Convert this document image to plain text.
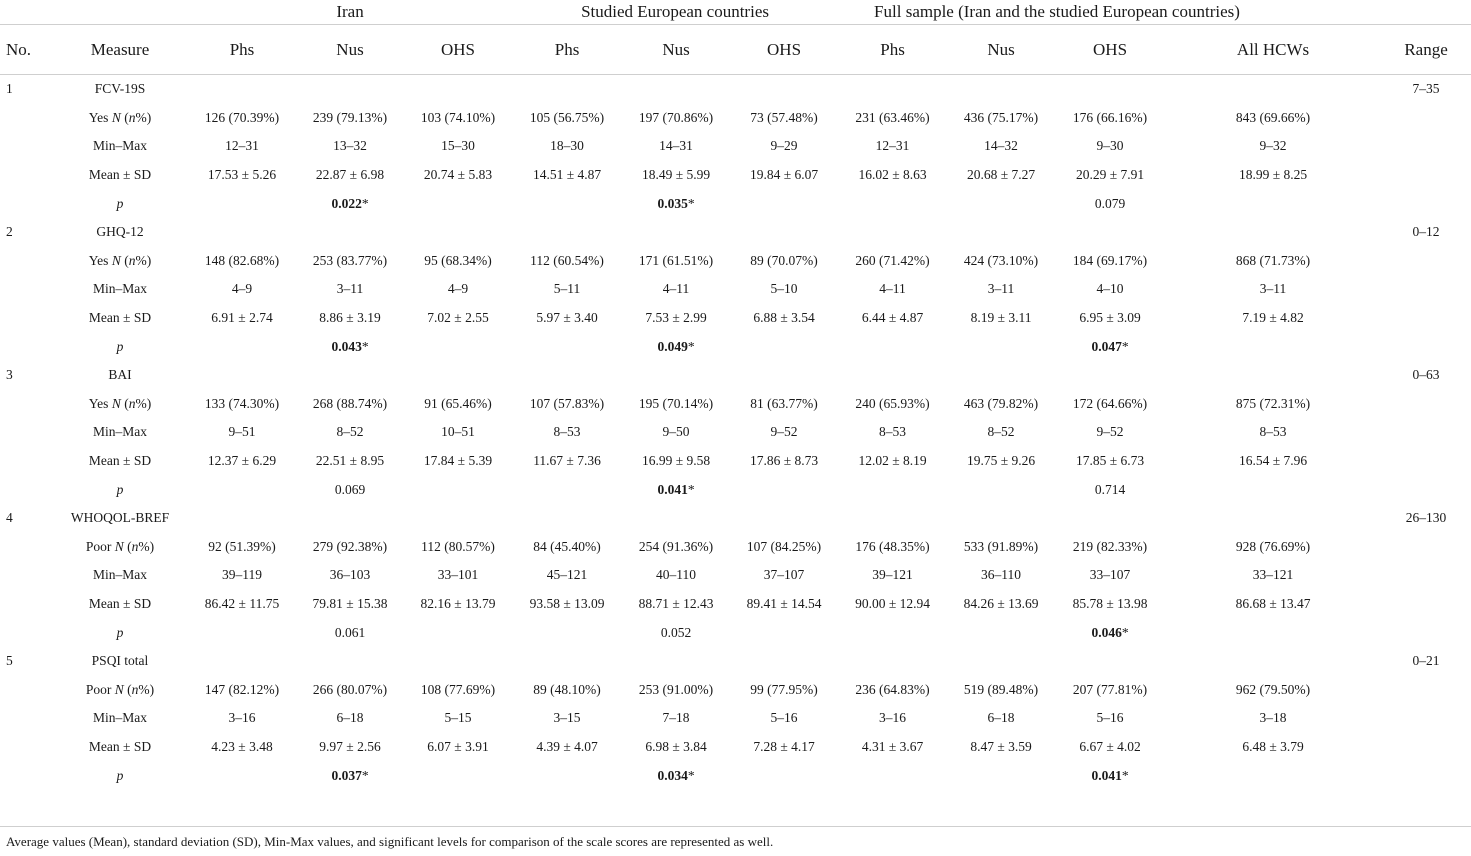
		Iran			Studied European countries			Full sample (Iran and the studied European countries)				
No.	Measure	Phs	Nus	OHS	Phs	Nus	OHS	Phs	Nus	OHS	All HCWs	Range
1	FCV-19S											7–35
	Yes N (n%)	126 (70.39%)	239 (79.13%)	103 (74.10%)	105 (56.75%)	197 (70.86%)	73 (57.48%)	231 (63.46%)	436 (75.17%)	176 (66.16%)	843 (69.66%)	
	Min–Max	12–31	13–32	15–30	18–30	14–31	9–29	12–31	14–32	9–30	9–32	
	Mean ± SD	17.53 ± 5.26	22.87 ± 6.98	20.74 ± 5.83	14.51 ± 4.87	18.49 ± 5.99	19.84 ± 6.07	16.02 ± 8.63	20.68 ± 7.27	20.29 ± 7.91	18.99 ± 8.25	
	p		0.022*			0.035*				0.079		
2	GHQ-12											0–12
	Yes N (n%)	148 (82.68%)	253 (83.77%)	95 (68.34%)	112 (60.54%)	171 (61.51%)	89 (70.07%)	260 (71.42%)	424 (73.10%)	184 (69.17%)	868 (71.73%)	
	Min–Max	4–9	3–11	4–9	5–11	4–11	5–10	4–11	3–11	4–10	3–11	
	Mean ± SD	6.91 ± 2.74	8.86 ± 3.19	7.02 ± 2.55	5.97 ± 3.40	7.53 ± 2.99	6.88 ± 3.54	6.44 ± 4.87	8.19 ± 3.11	6.95 ± 3.09	7.19 ± 4.82	
	p		0.043*			0.049*				0.047*		
3	BAI											0–63
	Yes N (n%)	133 (74.30%)	268 (88.74%)	91 (65.46%)	107 (57.83%)	195 (70.14%)	81 (63.77%)	240 (65.93%)	463 (79.82%)	172 (64.66%)	875 (72.31%)	
	Min–Max	9–51	8–52	10–51	8–53	9–50	9–52	8–53	8–52	9–52	8–53	
	Mean ± SD	12.37 ± 6.29	22.51 ± 8.95	17.84 ± 5.39	11.67 ± 7.36	16.99 ± 9.58	17.86 ± 8.73	12.02 ± 8.19	19.75 ± 9.26	17.85 ± 6.73	16.54 ± 7.96	
	p		0.069			0.041*				0.714		
4	WHOQOL-BREF											26–130
	Poor N (n%)	92 (51.39%)	279 (92.38%)	112 (80.57%)	84 (45.40%)	254 (91.36%)	107 (84.25%)	176 (48.35%)	533 (91.89%)	219 (82.33%)	928 (76.69%)	
	Min–Max	39–119	36–103	33–101	45–121	40–110	37–107	39–121	36–110	33–107	33–121	
	Mean ± SD	86.42 ± 11.75	79.81 ± 15.38	82.16 ± 13.79	93.58 ± 13.09	88.71 ± 12.43	89.41 ± 14.54	90.00 ± 12.94	84.26 ± 13.69	85.78 ± 13.98	86.68 ± 13.47	
	p		0.061			0.052				0.046*		
5	PSQI total											0–21
	Poor N (n%)	147 (82.12%)	266 (80.07%)	108 (77.69%)	89 (48.10%)	253 (91.00%)	99 (77.95%)	236 (64.83%)	519 (89.48%)	207 (77.81%)	962 (79.50%)	
	Min–Max	3–16	6–18	5–15	3–15	7–18	5–16	3–16	6–18	5–16	3–18	
	Mean ± SD	4.23 ± 3.48	9.97 ± 2.56	6.07 ± 3.91	4.39 ± 4.07	6.98 ± 3.84	7.28 ± 4.17	4.31 ± 3.67	8.47 ± 3.59	6.67 ± 4.02	6.48 ± 3.79	
	p		0.037*			0.034*				0.041*		
Average values (Mean), standard deviation (SD), Min-Max values, and significant levels for comparison of the scale scores are represented as well.
